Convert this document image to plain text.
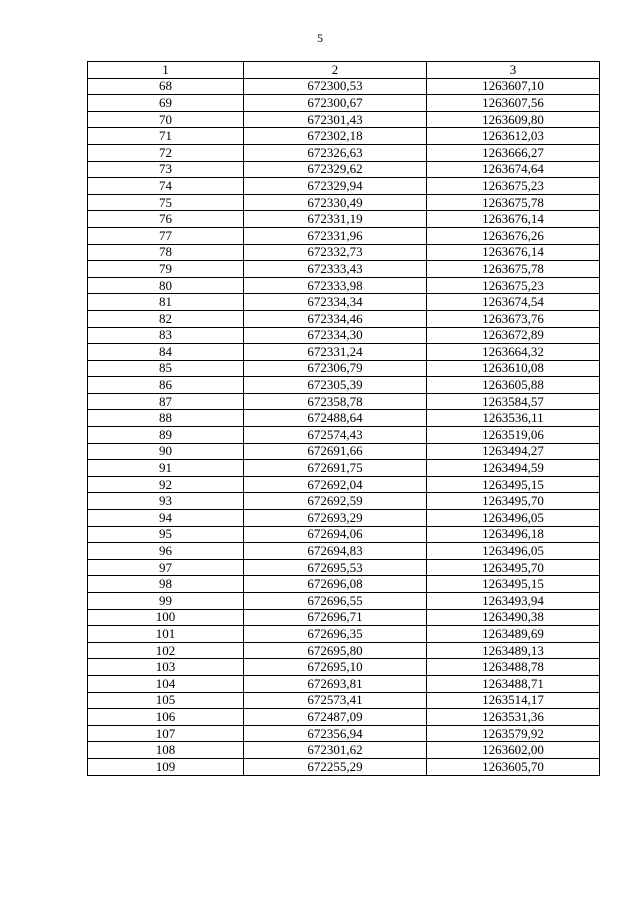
5
1	2	3
68	672300,53	1263607,10
69	672300,67	1263607,56
70	672301,43	1263609,80
71	672302,18	1263612,03
72	672326,63	1263666,27
73	672329,62	1263674,64
74	672329,94	1263675,23
75	672330,49	1263675,78
76	672331,19	1263676,14
77	672331,96	1263676,26
78	672332,73	1263676,14
79	672333,43	1263675,78
80	672333,98	1263675,23
81	672334,34	1263674,54
82	672334,46	1263673,76
83	672334,30	1263672,89
84	672331,24	1263664,32
85	672306,79	1263610,08
86	672305,39	1263605,88
87	672358,78	1263584,57
88	672488,64	1263536,11
89	672574,43	1263519,06
90	672691,66	1263494,27
91	672691,75	1263494,59
92	672692,04	1263495,15
93	672692,59	1263495,70
94	672693,29	1263496,05
95	672694,06	1263496,18
96	672694,83	1263496,05
97	672695,53	1263495,70
98	672696,08	1263495,15
99	672696,55	1263493,94
100	672696,71	1263490,38
101	672696,35	1263489,69
102	672695,80	1263489,13
103	672695,10	1263488,78
104	672693,81	1263488,71
105	672573,41	1263514,17
106	672487,09	1263531,36
107	672356,94	1263579,92
108	672301,62	1263602,00
109	672255,29	1263605,70
